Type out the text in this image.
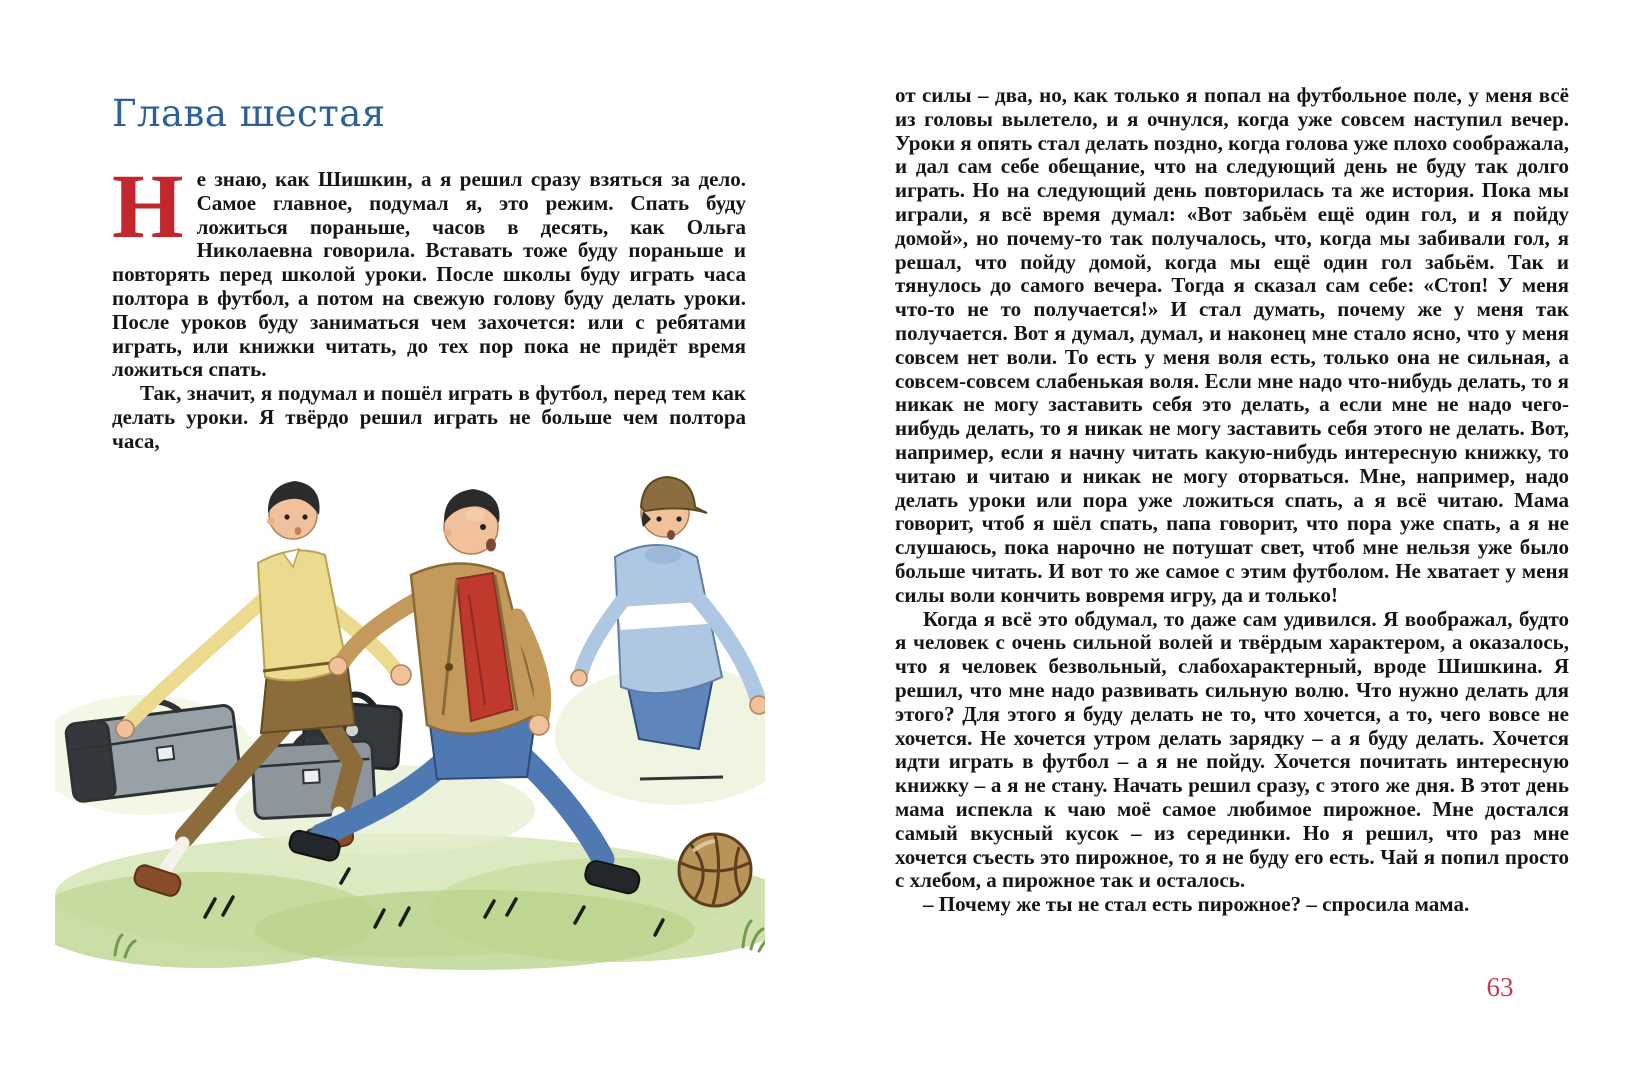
Глава шестая

Не знаю, как Шишкин, а я решил сразу взяться за дело. Самое главное, подумал я, это режим. Спать буду ложиться пораньше, часов в десять, как Ольга Николаевна говорила. Вставать тоже буду пораньше и повторять перед школой уроки. После школы буду играть часа полтора в футбол, а потом на свежую голову буду делать уроки. После уроков буду заниматься чем захочется: или с ребятами играть, или книжки читать, до тех пор пока не придёт время ложиться спать.

Так, значит, я подумал и пошёл играть в футбол, перед тем как делать уроки. Я твёрдо решил играть не больше чем полтора часа,

от силы – два, но, как только я попал на футбольное поле, у меня всё из головы вылетело, и я очнулся, когда уже совсем наступил вечер. Уроки я опять стал делать поздно, когда голова уже плохо соображала, и дал сам себе обещание, что на следующий день не буду так долго играть. Но на следующий день повторилась та же история. Пока мы играли, я всё время думал: «Вот забьём ещё один гол, и я пойду домой», но почему-то так получалось, что, когда мы забивали гол, я решал, что пойду домой, когда мы ещё один гол забьём. Так и тянулось до самого вечера. Тогда я сказал сам себе: «Стоп! У меня что-то не то получается!» И стал думать, почему же у меня так получается. Вот я думал, думал, и наконец мне стало ясно, что у меня совсем нет воли. То есть у меня воля есть, только она не сильная, а совсем-совсем слабенькая воля. Если мне надо что-нибудь делать, то я никак не могу заставить себя это делать, а если мне не надо чего-нибудь делать, то я никак не могу заставить себя этого не делать. Вот, например, если я начну читать какую-нибудь интересную книжку, то читаю и читаю и никак не могу оторваться. Мне, например, надо делать уроки или пора уже ложиться спать, а я всё читаю. Мама говорит, чтоб я шёл спать, папа говорит, что пора уже спать, а я не слушаюсь, пока нарочно не потушат свет, чтоб мне нельзя уже было больше читать. И вот то же самое с этим футболом. Не хватает у меня силы воли кончить вовремя игру, да и только!

Когда я всё это обдумал, то даже сам удивился. Я воображал, будто я человек с очень сильной волей и твёрдым характером, а оказалось, что я человек безвольный, слабохарактерный, вроде Шишкина. Я решил, что мне надо развивать сильную волю. Что нужно делать для этого? Для этого я буду делать не то, что хочется, а то, чего вовсе не хочется. Не хочется утром делать зарядку – а я буду делать. Хочется идти играть в футбол – а я не пойду. Хочется почитать интересную книжку – а я не стану. Начать решил сразу, с этого же дня. В этот день мама испекла к чаю моё самое любимое пирожное. Мне достался самый вкусный кусок – из серединки. Но я решил, что раз мне хочется съесть это пирожное, то я не буду его есть. Чай я попил просто с хлебом, а пирожное так и осталось.

– Почему же ты не стал есть пирожное? – спросила мама.

63
